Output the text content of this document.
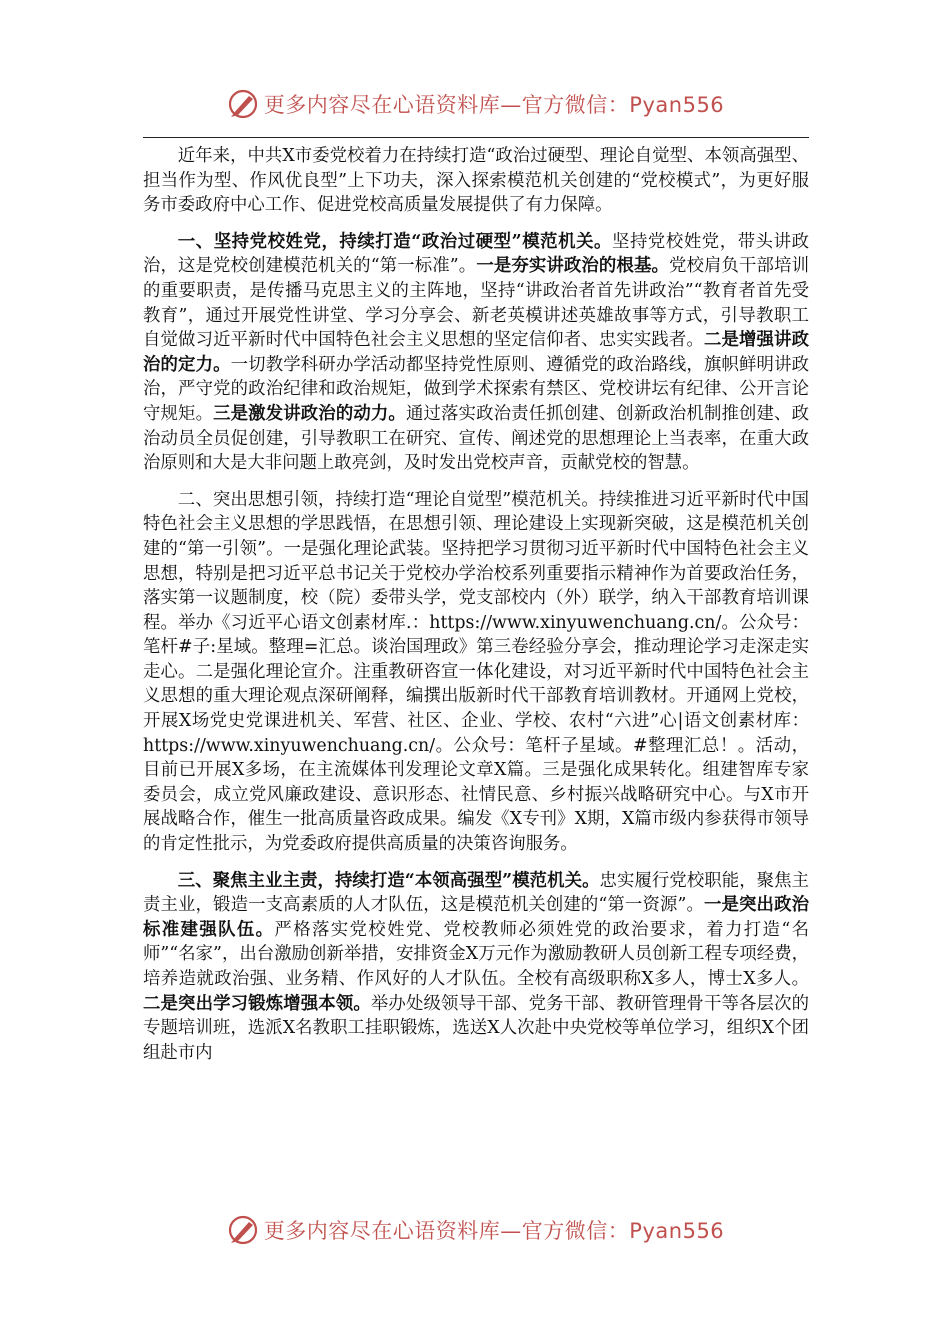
更多内容尽在心语资料库—官方微信：Pyan556

近年来，中共X市委党校着力在持续打造“政治过硬型、理论自觉型、本领高强型、担当作为型、作风优良型”上下功夫，深入探索模范机关创建的“党校模式”，为更好服务市委政府中心工作、促进党校高质量发展提供了有力保障。

一、坚持党校姓党，持续打造“政治过硬型”模范机关。坚持党校姓党，带头讲政治，这是党校创建模范机关的“第一标准”。一是夯实讲政治的根基。党校肩负干部培训的重要职责，是传播马克思主义的主阵地，坚持“讲政治者首先讲政治”“教育者首先受教育”，通过开展党性讲堂、学习分享会、新老英模讲述英雄故事等方式，引导教职工自觉做习近平新时代中国特色社会主义思想的坚定信仰者、忠实实践者。二是增强讲政治的定力。一切教学科研办学活动都坚持党性原则、遵循党的政治路线，旗帜鲜明讲政治，严守党的政治纪律和政治规矩，做到学术探索有禁区、党校讲坛有纪律、公开言论守规矩。三是激发讲政治的动力。通过落实政治责任抓创建、创新政治机制推创建、政治动员全员促创建，引导教职工在研究、宣传、阐述党的思想理论上当表率，在重大政治原则和大是大非问题上敢亮剑，及时发出党校声音，贡献党校的智慧。

二、突出思想引领，持续打造“理论自觉型”模范机关。持续推进习近平新时代中国特色社会主义思想的学思践悟，在思想引领、理论建设上实现新突破，这是模范机关创建的“第一引领”。一是强化理论武装。坚持把学习贯彻习近平新时代中国特色社会主义思想，特别是把习近平总书记关于党校办学治校系列重要指示精神作为首要政治任务，落实第一议题制度，校（院）委带头学，党支部校内（外）联学，纳入干部教育培训课程。举办《习近平心语文创素材库.：https://www.xinyuwenchuang.cn/。公众号：笔杆#子:星域。整理=汇总。谈治国理政》第三卷经验分享会，推动理论学习走深走实走心。二是强化理论宣介。注重教研咨宣一体化建设，对习近平新时代中国特色社会主义思想的重大理论观点深研阐释，编撰出版新时代干部教育培训教材。开通网上党校，开展X场党史党课进机关、军营、社区、企业、学校、农村“六进”心|语文创素材库：https://www.xinyuwenchuang.cn/。公众号：笔杆子星域。#整理汇总！。活动，目前已开展X多场，在主流媒体刊发理论文章X篇。三是强化成果转化。组建智库专家委员会，成立党风廉政建设、意识形态、社情民意、乡村振兴战略研究中心。与X市开展战略合作，催生一批高质量咨政成果。编发《X专刊》X期，X篇市级内参获得市领导的肯定性批示，为党委政府提供高质量的决策咨询服务。

三、聚焦主业主责，持续打造“本领高强型”模范机关。忠实履行党校职能，聚焦主责主业，锻造一支高素质的人才队伍，这是模范机关创建的“第一资源”。一是突出政治标准建强队伍。严格落实党校姓党、党校教师必须姓党的政治要求，着力打造“名师”“名家”，出台激励创新举措，安排资金X万元作为激励教研人员创新工程专项经费，培养造就政治强、业务精、作风好的人才队伍。全校有高级职称X多人，博士X多人。二是突出学习锻炼增强本领。举办处级领导干部、党务干部、教研管理骨干等各层次的专题培训班，选派X名教职工挂职锻炼，选送X人次赴中央党校等单位学习，组织X个团组赴市内

更多内容尽在心语资料库—官方微信：Pyan556
